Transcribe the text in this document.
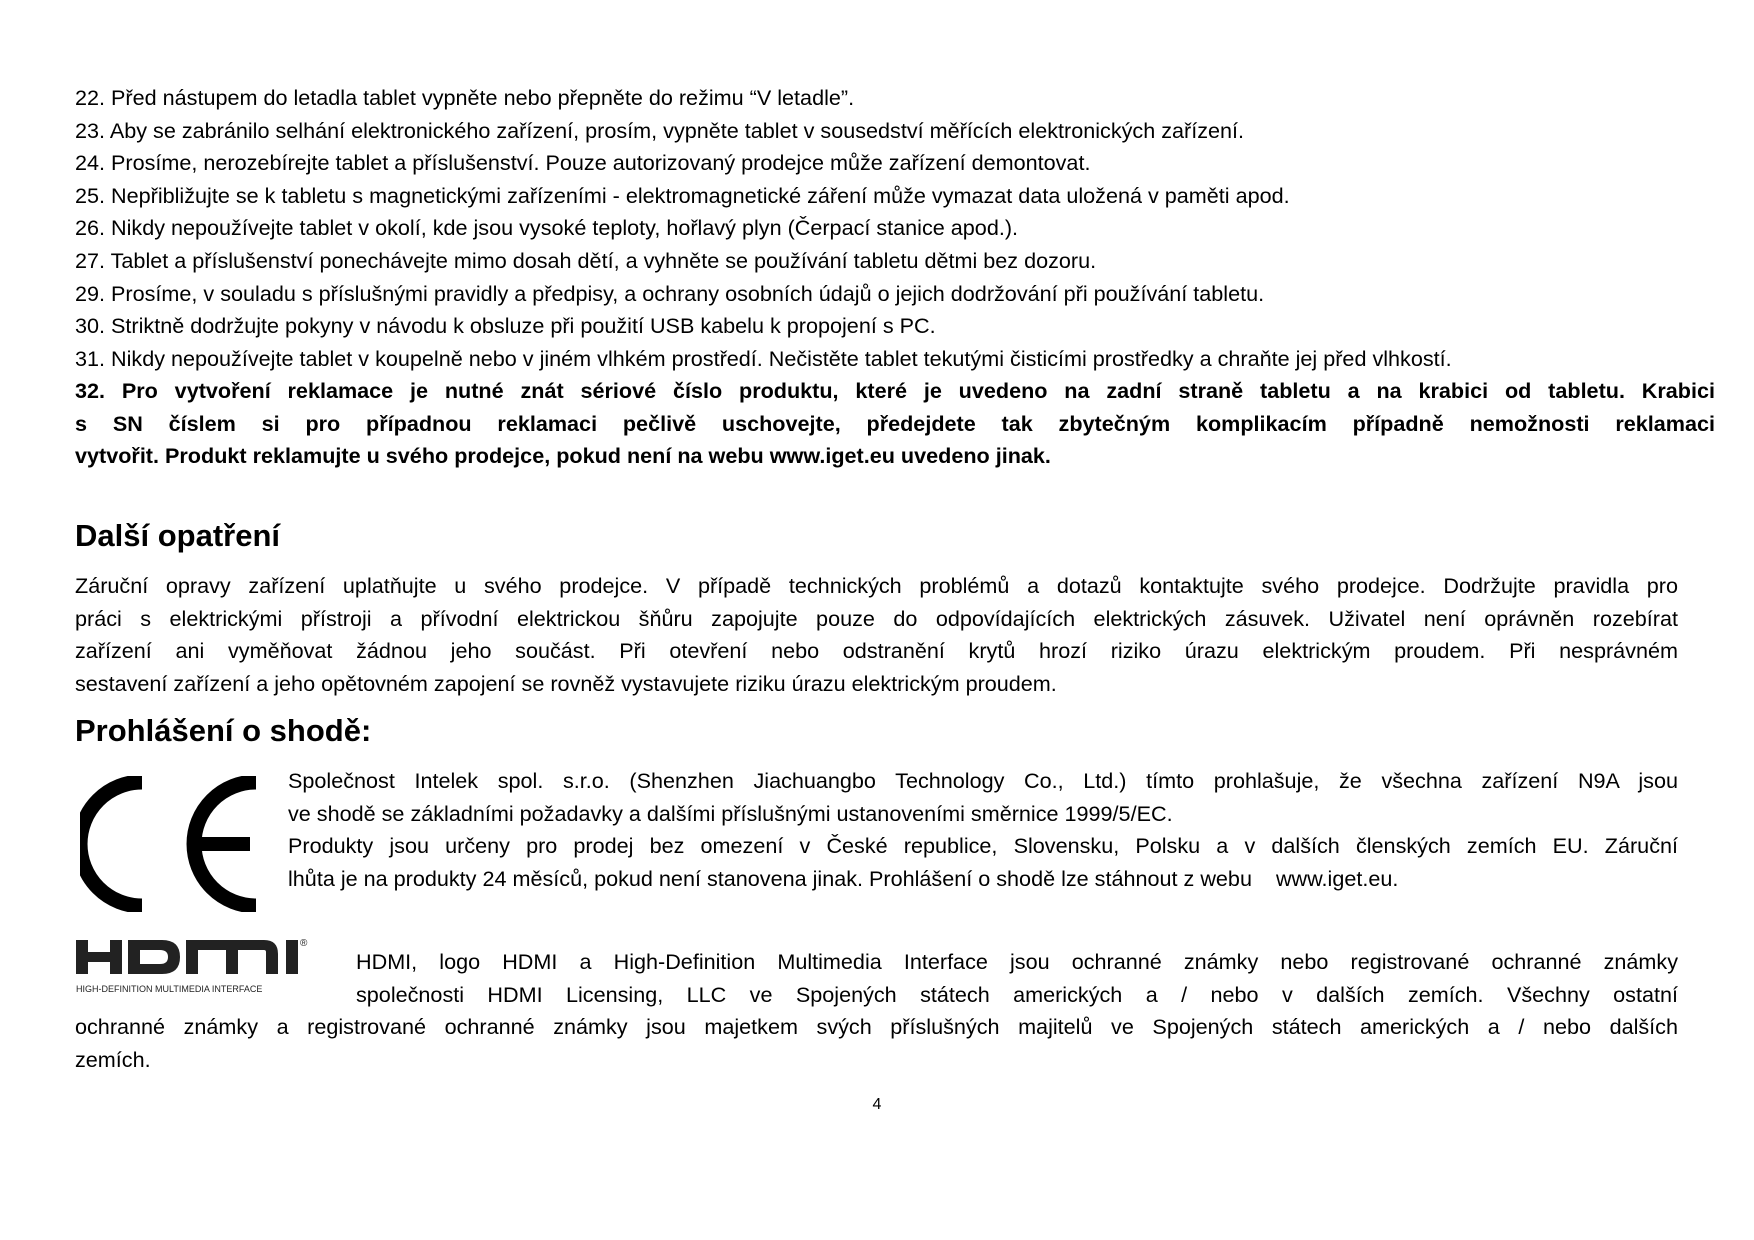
22. Před nástupem do letadla tablet vypněte nebo přepněte do režimu “V letadle”.
23. Aby se zabránilo selhání elektronického zařízení, prosím, vypněte tablet v sousedství měřících elektronických zařízení.
24. Prosíme, nerozebírejte tablet a příslušenství. Pouze autorizovaný prodejce může zařízení demontovat.
25. Nepřibližujte se k tabletu s magnetickými zařízeními - elektromagnetické záření může vymazat data uložená v paměti apod.
26. Nikdy nepoužívejte tablet v okolí, kde jsou vysoké teploty, hořlavý plyn (Čerpací stanice apod.).
27. Tablet a příslušenství ponechávejte mimo dosah dětí, a vyhněte se používání tabletu dětmi bez dozoru.
29. Prosíme, v souladu s příslušnými pravidly a předpisy, a ochrany osobních údajů o jejich dodržování při používání tabletu.
30. Striktně dodržujte pokyny v návodu k obsluze při použití USB kabelu k propojení s PC.
31. Nikdy nepoužívejte tablet v koupelně nebo v jiném vlhkém prostředí. Nečistěte tablet tekutými čisticími prostředky a chraňte jej před vlhkostí.
32. Pro vytvoření reklamace je nutné znát sériové číslo produktu, které je uvedeno na zadní straně tabletu a na krabici od tabletu. Krabici
s SN číslem si pro případnou reklamaci pečlivě uschovejte, předejdete tak zbytečným komplikacím případně nemožnosti reklamaci
vytvořit. Produkt reklamujte u svého prodejce, pokud není na webu www.iget.eu uvedeno jinak.
Další opatření
Záruční opravy zařízení uplatňujte u svého prodejce. V případě technických problémů a dotazů kontaktujte svého prodejce. Dodržujte pravidla pro
práci s elektrickými přístroji a přívodní elektrickou šňůru zapojujte pouze do odpovídajících elektrických zásuvek. Uživatel není oprávněn rozebírat
zařízení ani vyměňovat žádnou jeho součást. Při otevření nebo odstranění krytů hrozí riziko úrazu elektrickým proudem. Při nesprávném
sestavení zařízení a jeho opětovném zapojení se rovněž vystavujete riziku úrazu elektrickým proudem.
Prohlášení o shodě:
Společnost Intelek spol. s.r.o. (Shenzhen Jiachuangbo Technology Co., Ltd.) tímto prohlašuje, že všechna zařízení N9A jsou
ve shodě se základními požadavky a dalšími příslušnými ustanoveními směrnice 1999/5/EC.
Produkty jsou určeny pro prodej bez omezení v České republice, Slovensku, Polsku a v dalších členských zemích EU. Záruční
lhůta je na produkty 24 měsíců, pokud není stanovena jinak. Prohlášení o shodě lze stáhnout z webu www.iget.eu.
HIGH-DEFINITION MULTIMEDIA INTERFACE
®
HDMI, logo HDMI a High-Definition Multimedia Interface jsou ochranné známky nebo registrované ochranné známky
společnosti HDMI Licensing, LLC ve Spojených státech amerických a / nebo v dalších zemích. Všechny ostatní
ochranné známky a registrované ochranné známky jsou majetkem svých příslušných majitelů ve Spojených státech amerických a / nebo dalších
zemích.
4
